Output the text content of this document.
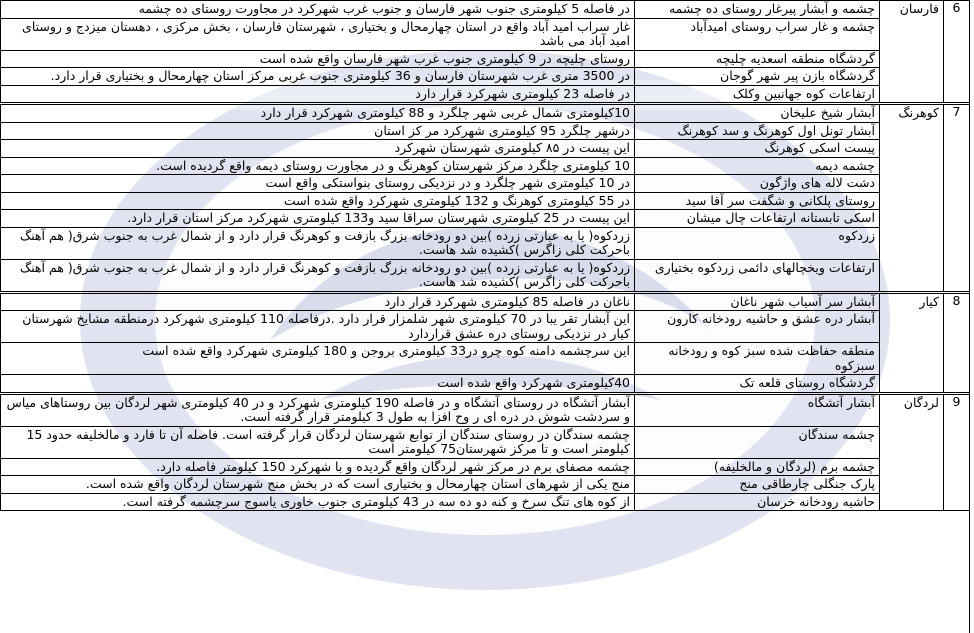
6	فارسان	چشمه و آبشار پیرغار روستای ده چشمه	در فاصله 5 کیلومتری جنوب شهر فارسان و جنوب غرب شهرکرد در مجاورت روستای ده چشمه
		چشمه و غار سراب روستای امیدآباد	غار سراب امید آباد واقع در استان چهارمحال و بختیاری ، شهرستان فارسان ، بخش مرکزی ، دهستان میزدج و روستای امید آباد می باشد
		گردشگاه منطقه اسعدیه چلیچه	روستای چلیچه در 9 کیلومتری جنوب غرب شهر فارسان واقع شده است
		گردشگاه بازن پیر شهر گوجان	در 3500 متری غرب شهرستان فارسان و 36 کیلومتری جنوب غربی مرکز استان چهارمحال و بختیاری قرار دارد.
		ارتفاعات کوه جهانبین وکلک	در فاصله 23 کیلومتری شهرکرد قرار دارد
7	کوهرنگ	آبشار شیخ علیخان	10کیلومتری شمال غربی شهر چلگرد و 88 کیلومتری شهرکرد قرار دارد
		آبشار تونل اول کوهرنگ و سد کوهرنگ	درشهر چلگرد 95 کیلومتری شهرکرد مر کز استان
		پیست اسکی کوهرنگ	این پیست در ۸۵ کیلومتری شهرستان شهرکرد
		چشمه دیمه	10 کیلومتری چلگرد مرکز شهرستان کوهرنگ و در مجاورت روستای دیمه واقع گردیده است.
		دشت لاله های واژگون	در 10 کیلومتری شهر چلگرد و در نزدیکی روستای بنواستکی واقع است
		روستای پلکانی و شگفت سر آقا سید	در 55 کیلومتری کوهرنگ و 132 کیلومتری شهرکرد واقع شده است
		اسکی تابستانه ارتفاعات چال میشان	این پیست در 25 کیلومتری شهرستان سراقا سید و133 کیلومتری شهرکرد مرکز استان قرار دارد.
		زردکوه	زردکوه( یا به عبارتی زرده )بین دو رودخانه بزرگ بازفت و کوهرنگ قرار دارد و از شمال غرب به جنوب شرق( هم آهنگ باحرکت کلی زاگرس )کشیده شد هاست.
		ارتفاعات ویخچالهای دائمی زردکوه بختیاری	زردکوه( یا به عبارتی زرده )بین دو رودخانه بزرگ بازفت و کوهرنگ قرار دارد و از شمال غرب به جنوب شرق( هم آهنگ باحرکت کلی زاگرس )کشیده شد هاست.
8	کیار	آبشار سر آسیاب شهر ناغان	ناغان در فاصله 85 کیلومتری شهرکرد قرار دارد
		آبشار دره عشق و حاشیه رودخانه کارون	این آبشار تقر یبا در 70 کیلومتری شهر شلمزار قرار دارد .درفاصله 110 کیلومتری شهرکرد درمنطقه مشایخ شهرستان کیار در نزدیکی روستای دره عشق قراردارد
		منطقه حفاظت شده سبز کوه و رودخانه سبزکوه	این سرچشمه دامنه کوه چرو در33 کیلومتری بروجن و 180 کیلومتری شهرکرد واقع شده است
		گردشگاه روستای قلعه تک	40کیلومتری شهرکرد واقع شده است
9	لردگان	آبشار آتشگاه	آبشار آتشگاه در روستای آتشگاه و در فاصله 190 کیلومتری شهرکرد و در 40 کیلومتری شهر لردگان بین روستاهای میاس و سردشت شوش در دره ای ر وح افزا به طول 3 کیلومتر قرار گرفته است.
		چشمه سندگان	چشمه سندگان در روستای سندگان از توابع شهرستان لردگان قرار گرفته است. فاصله آن تا فارد و مالخلیفه حدود 15 کیلومتر است و تا مرکز شهرستان75 کیلومتر است
		چشمه برم (لردگان و مالخلیفه)	چشمه مصفای برم در مرکز شهر لردگان واقع گردیده و با شهرکرد 150 کیلومتر فاصله دارد.
		پارک جنگلی چارطاقی منج	منج یکی از شهرهای استان چهارمحال و بختیاری است که در بخش منج شهرستان لردگان واقع شده است.
		حاشیه رودخانه خرسان	از کوه های تنگ سرخ و کنه دو ده سه در 43 کیلومتری جنوب خاوری یاسوج سرچشمه گرفته است.
